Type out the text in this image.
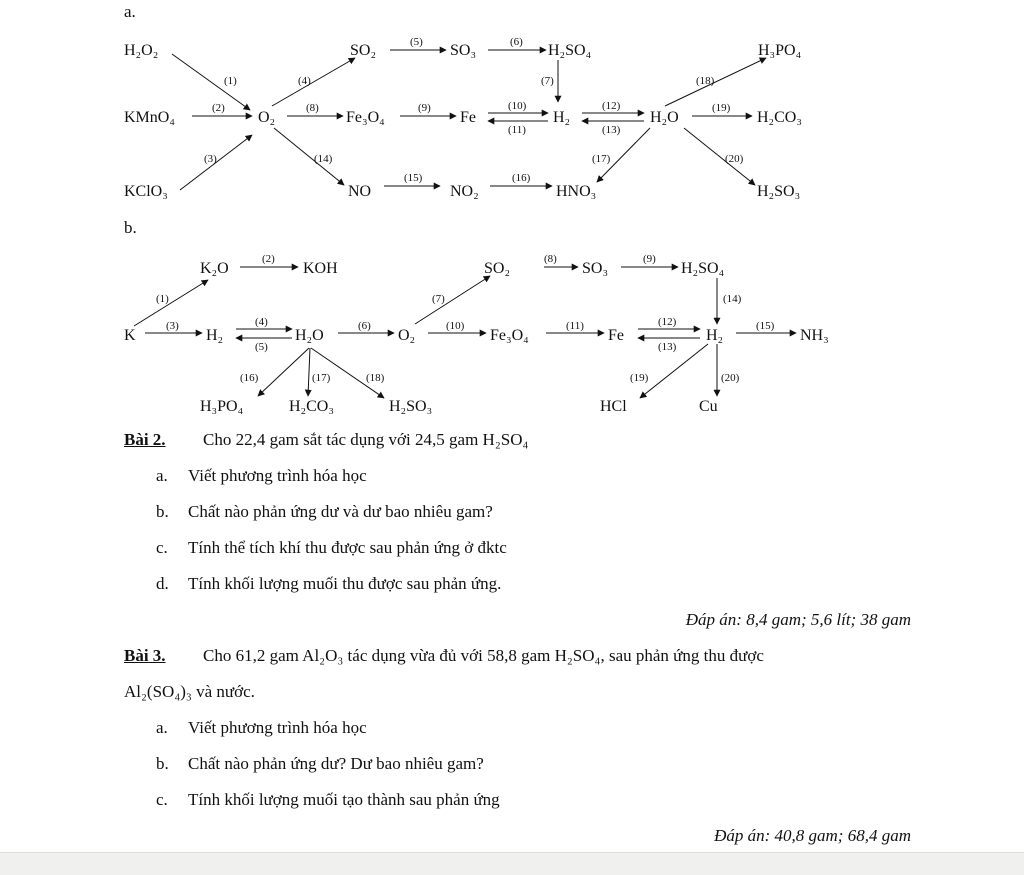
a.
H₂O₂
KMnO₄
KClO₃
O₂
SO₂	SO₃	H₂SO₄
Fe₃O₄	Fe	H₂	H₂O
NO	NO₂	HNO₃
H₃PO₄
H₂CO₃
H₂SO₃
(1)
(2)
(3)
(4)
(5)	(6)
(7)
(8)	(9)	(10)
(11)
(12)
(13)
(14)
(15)	(16)
(17)
(18)
(19)
(20)
b.
K₂O	KOH
K	H₂	H₂O	O₂
SO₂	SO₃	H₂SO₄
Fe₃O₄	Fe	H₂	NH₃
H₃PO₄	H₂CO₃	H₂SO₃	HCl	Cu
(1)
(2)
(3)	(4)
(5)
(6)
(7)
(8)	(9)
(10)	(11)	(12)
(13)
(14)
(15)
(16)	(17)	(18)	(19)	(20)
Bài 2. Cho 22,4 gam sắt tác dụng với 24,5 gam H₂SO₄
a. Viết phương trình hóa học
b. Chất nào phản ứng dư và dư bao nhiêu gam?
c. Tính thể tích khí thu được sau phản ứng ở đktc
d. Tính khối lượng muối thu được sau phản ứng.
Đáp án: 8,4 gam; 5,6 lít; 38 gam
Bài 3. Cho 61,2 gam Al₂O₃ tác dụng vừa đủ với 58,8 gam H₂SO₄, sau phản ứng thu được
Al₂(SO₄)₃ và nước.
a. Viết phương trình hóa học
b. Chất nào phản ứng dư? Dư bao nhiêu gam?
c. Tính khối lượng muối tạo thành sau phản ứng
Đáp án: 40,8 gam; 68,4 gam
